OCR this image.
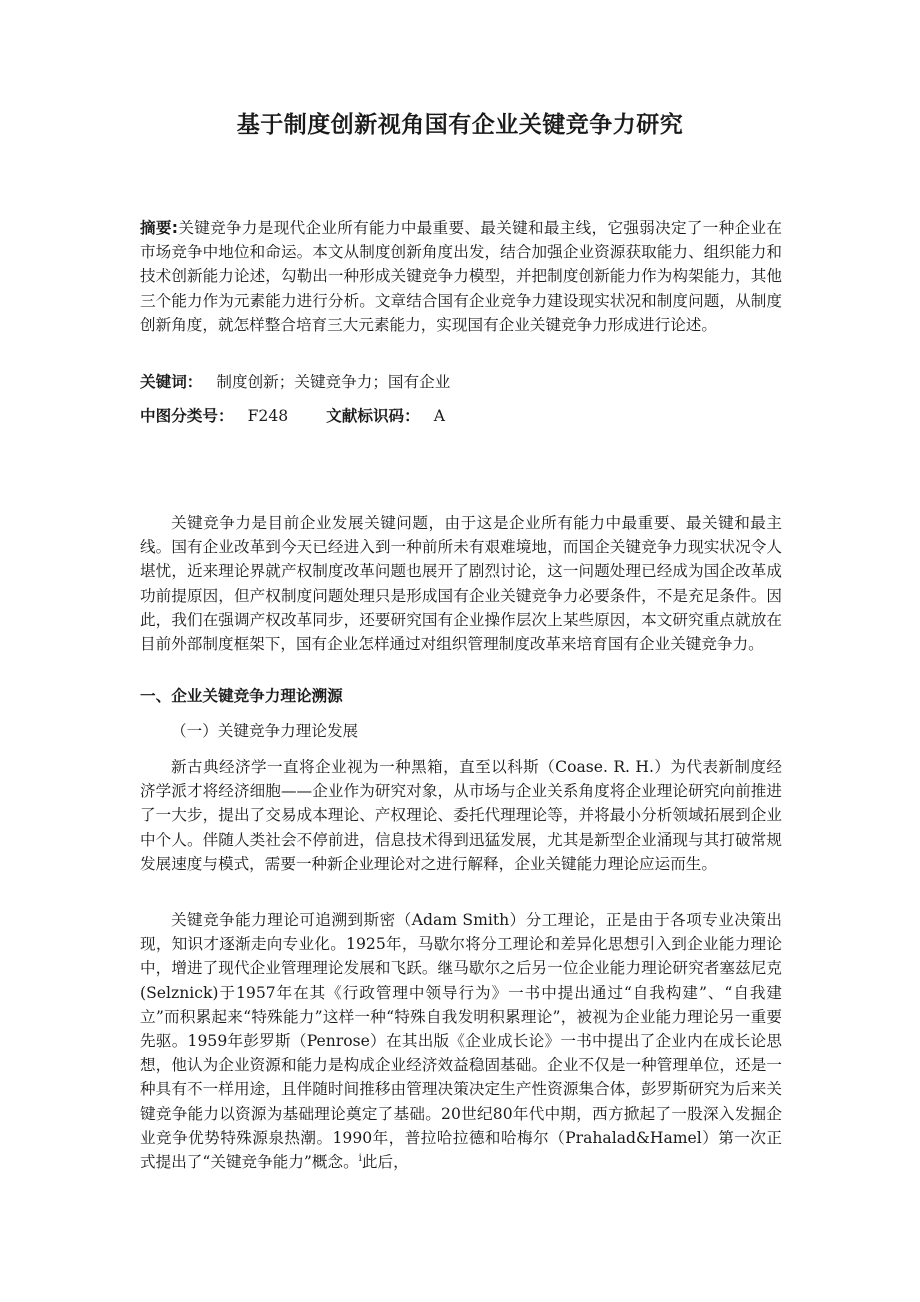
基于制度创新视角国有企业关键竞争力研究
摘要:关键竞争力是现代企业所有能力中最重要、最关键和最主线，它强弱决定了一种企业在市场竞争中地位和命运。本文从制度创新角度出发，结合加强企业资源获取能力、组织能力和技术创新能力论述，勾勒出一种形成关键竞争力模型，并把制度创新能力作为构架能力，其他三个能力作为元素能力进行分析。文章结合国有企业竞争力建设现实状况和制度问题，从制度创新角度，就怎样整合培育三大元素能力，实现国有企业关键竞争力形成进行论述。
关键词： 制度创新；关键竞争力；国有企业
中图分类号： F248 文献标识码： A

关键竞争力是目前企业发展关键问题，由于这是企业所有能力中最重要、最关键和最主线。国有企业改革到今天已经进入到一种前所未有艰难境地，而国企关键竞争力现实状况令人堪忧，近来理论界就产权制度改革问题也展开了剧烈讨论，这一问题处理已经成为国企改革成功前提原因，但产权制度问题处理只是形成国有企业关键竞争力必要条件，不是充足条件。因此，我们在强调产权改革同步，还要研究国有企业操作层次上某些原因，本文研究重点就放在目前外部制度框架下，国有企业怎样通过对组织管理制度改革来培育国有企业关键竞争力。

一、企业关键竞争力理论溯源
（一）关键竞争力理论发展

新古典经济学一直将企业视为一种黑箱，直至以科斯（Coase. R. H.）为代表新制度经济学派才将经济细胞——企业作为研究对象，从市场与企业关系角度将企业理论研究向前推进了一大步，提出了交易成本理论、产权理论、委托代理理论等，并将最小分析领域拓展到企业中个人。伴随人类社会不停前进，信息技术得到迅猛发展，尤其是新型企业涌现与其打破常规发展速度与模式，需要一种新企业理论对之进行解释，企业关键能力理论应运而生。

关键竞争能力理论可追溯到斯密（Adam Smith）分工理论，正是由于各项专业决策出现，知识才逐渐走向专业化。1925年，马歇尔将分工理论和差异化思想引入到企业能力理论中，增进了现代企业管理理论发展和飞跃。继马歇尔之后另一位企业能力理论研究者塞兹尼克(Selznick)于1957年在其《行政管理中领导行为》一书中提出通过“自我构建”、“自我建立”而积累起来“特殊能力”这样一种“特殊自我发明积累理论”，被视为企业能力理论另一重要先驱。1959年彭罗斯（Penrose）在其出版《企业成长论》一书中提出了企业内在成长论思想，他认为企业资源和能力是构成企业经济效益稳固基础。企业不仅是一种管理单位，还是一种具有不一样用途，且伴随时间推移由管理决策决定生产性资源集合体，彭罗斯研究为后来关键竞争能力以资源为基础理论奠定了基础。20世纪80年代中期，西方掀起了一股深入发掘企业竞争优势特殊源泉热潮。1990年，普拉哈拉德和哈梅尔（Prahalad&Hamel）第一次正式提出了“关键竞争能力”概念。$^i$此后，
